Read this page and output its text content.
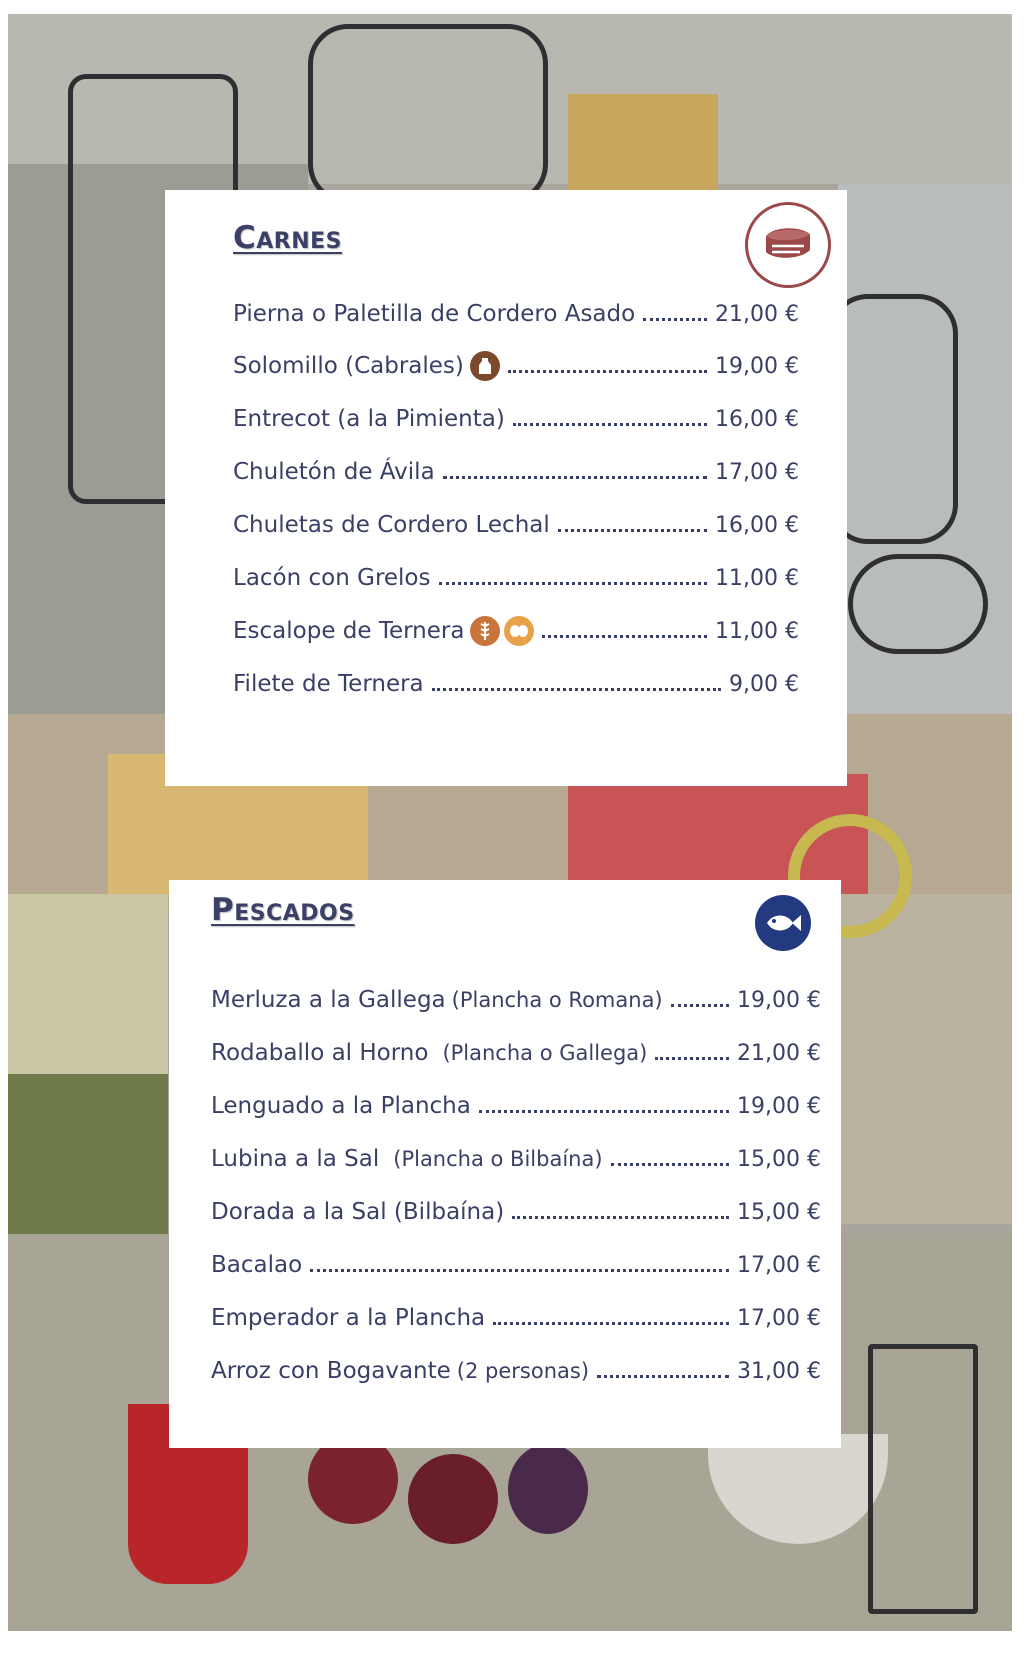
Carnes
Pierna o Paletilla de Cordero Asado	21,00 €
Solomillo (Cabrales)	19,00 €
Entrecot (a la Pimienta)	16,00 €
Chuletón de Ávila	17,00 €
Chuletas de Cordero Lechal	16,00 €
Lacón con Grelos	11,00 €
Escalope de Ternera	11,00 €
Filete de Ternera	9,00 €
Pescados
Merluza a la Gallega (Plancha o Romana)	19,00 €
Rodaballo al Horno (Plancha o Gallega)	21,00 €
Lenguado a la Plancha	19,00 €
Lubina a la Sal (Plancha o Bilbaína)	15,00 €
Dorada a la Sal (Bilbaína)	15,00 €
Bacalao	17,00 €
Emperador a la Plancha	17,00 €
Arroz con Bogavante (2 personas)	31,00 €
